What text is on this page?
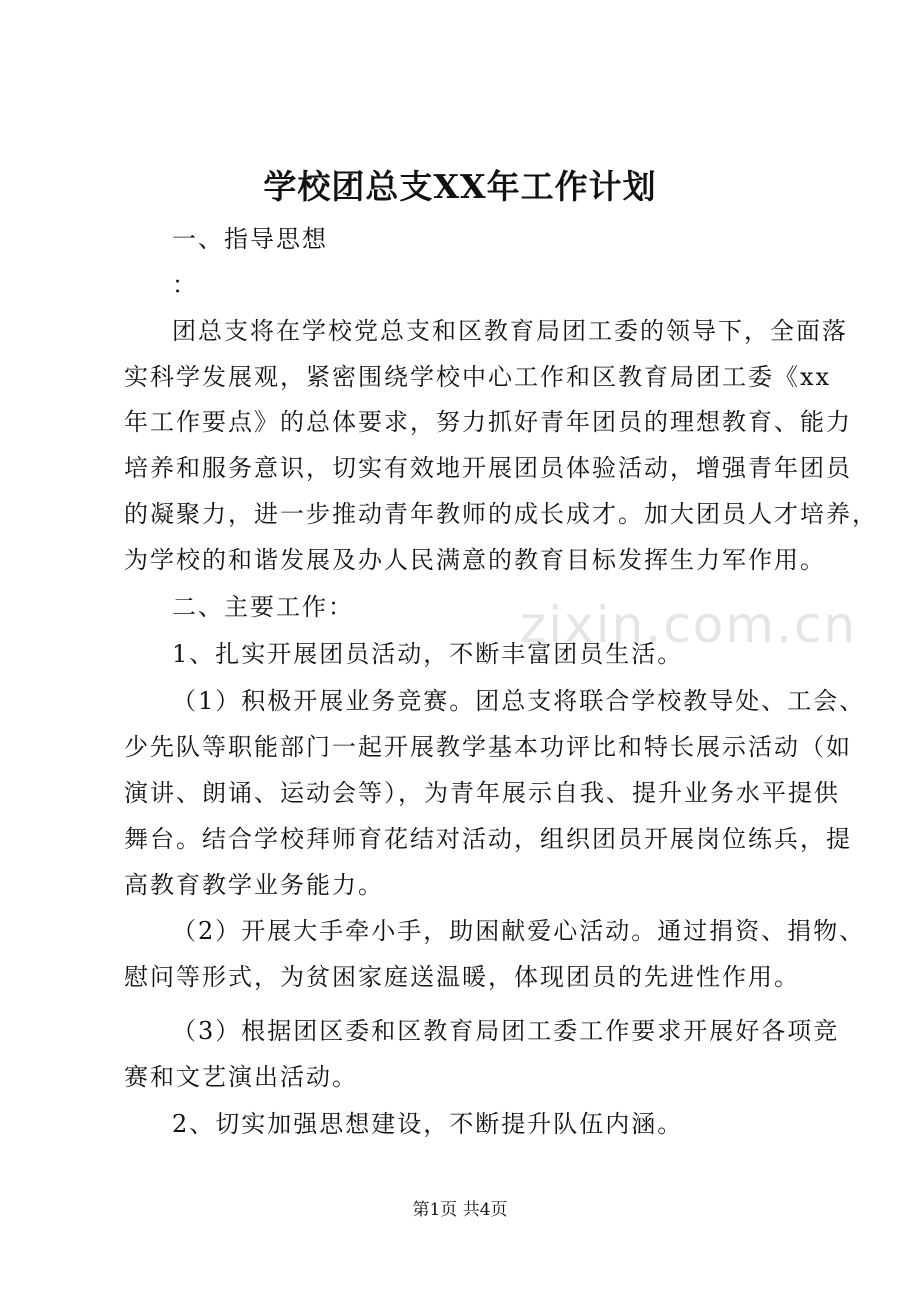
学校团总支XX年工作计划
一、指导思想
：
团总支将在学校党总支和区教育局团工委的领导下，全面落
实科学发展观，紧密围绕学校中心工作和区教育局团工委《xx
年工作要点》的总体要求，努力抓好青年团员的理想教育、能力
培养和服务意识，切实有效地开展团员体验活动，增强青年团员
的凝聚力，进一步推动青年教师的成长成才。加大团员人才培养，
为学校的和谐发展及办人民满意的教育目标发挥生力军作用。
二、主要工作：
1、扎实开展团员活动，不断丰富团员生活。
（1）积极开展业务竞赛。团总支将联合学校教导处、工会、
少先队等职能部门一起开展教学基本功评比和特长展示活动（如
演讲、朗诵、运动会等），为青年展示自我、提升业务水平提供
舞台。结合学校拜师育花结对活动，组织团员开展岗位练兵，提
高教育教学业务能力。
（2）开展大手牵小手，助困献爱心活动。通过捐资、捐物、
慰问等形式，为贫困家庭送温暖，体现团员的先进性作用。
（3）根据团区委和区教育局团工委工作要求开展好各项竞
赛和文艺演出活动。
2、切实加强思想建设，不断提升队伍内涵。
zixin.com.cn
第1页 共4页
